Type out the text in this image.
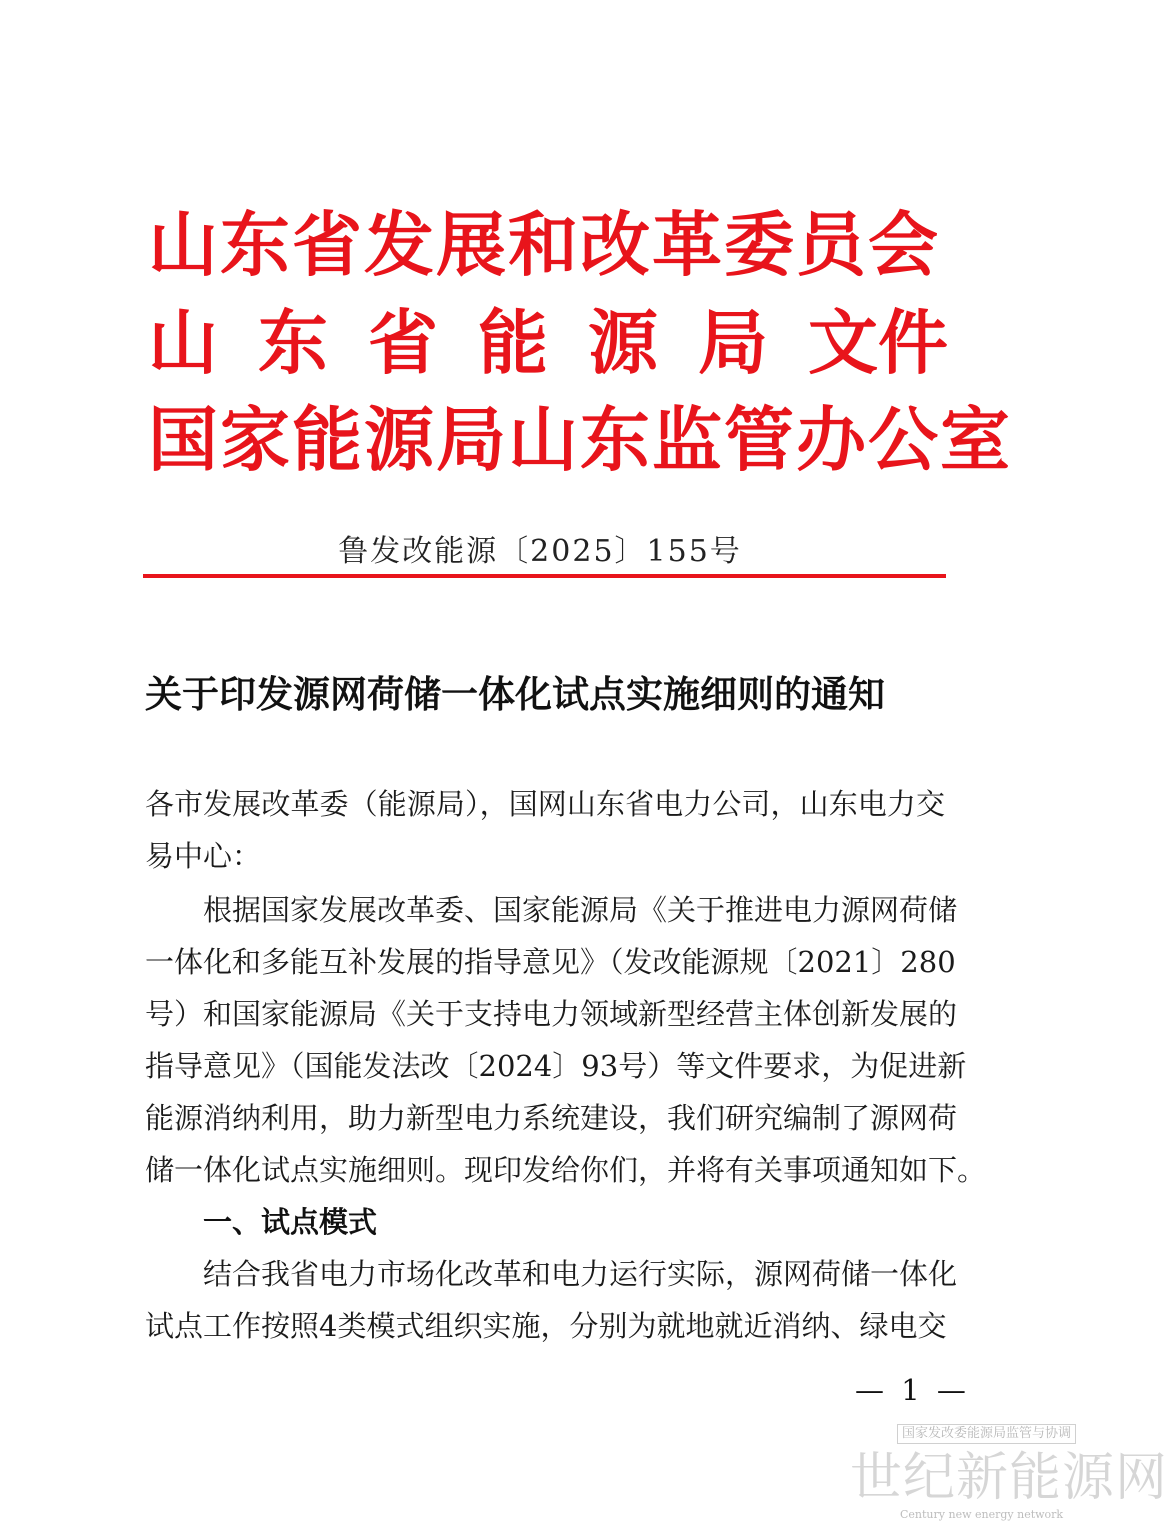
山东省发展和改革委员会
山 东 省 能 源 局 文件
国家能源局山东监管办公室
鲁发改能源〔2025〕155号
关于印发源网荷储一体化试点实施细则的通知
各市发展改革委（能源局），国网山东省电力公司，山东电力交
易中心：
根据国家发展改革委、国家能源局《关于推进电力源网荷储
一体化和多能互补发展的指导意见》（发改能源规〔2021〕280
号）和国家能源局《关于支持电力领域新型经营主体创新发展的
指导意见》（国能发法改〔2024〕93号）等文件要求，为促进新
能源消纳利用，助力新型电力系统建设，我们研究编制了源网荷
储一体化试点实施细则。现印发给你们，并将有关事项通知如下。
一、试点模式
结合我省电力市场化改革和电力运行实际，源网荷储一体化
试点工作按照4类模式组织实施，分别为就地就近消纳、绿电交
— 1 —
国家发改委能源局监管与协调
世纪新能源网
Century new energy network
